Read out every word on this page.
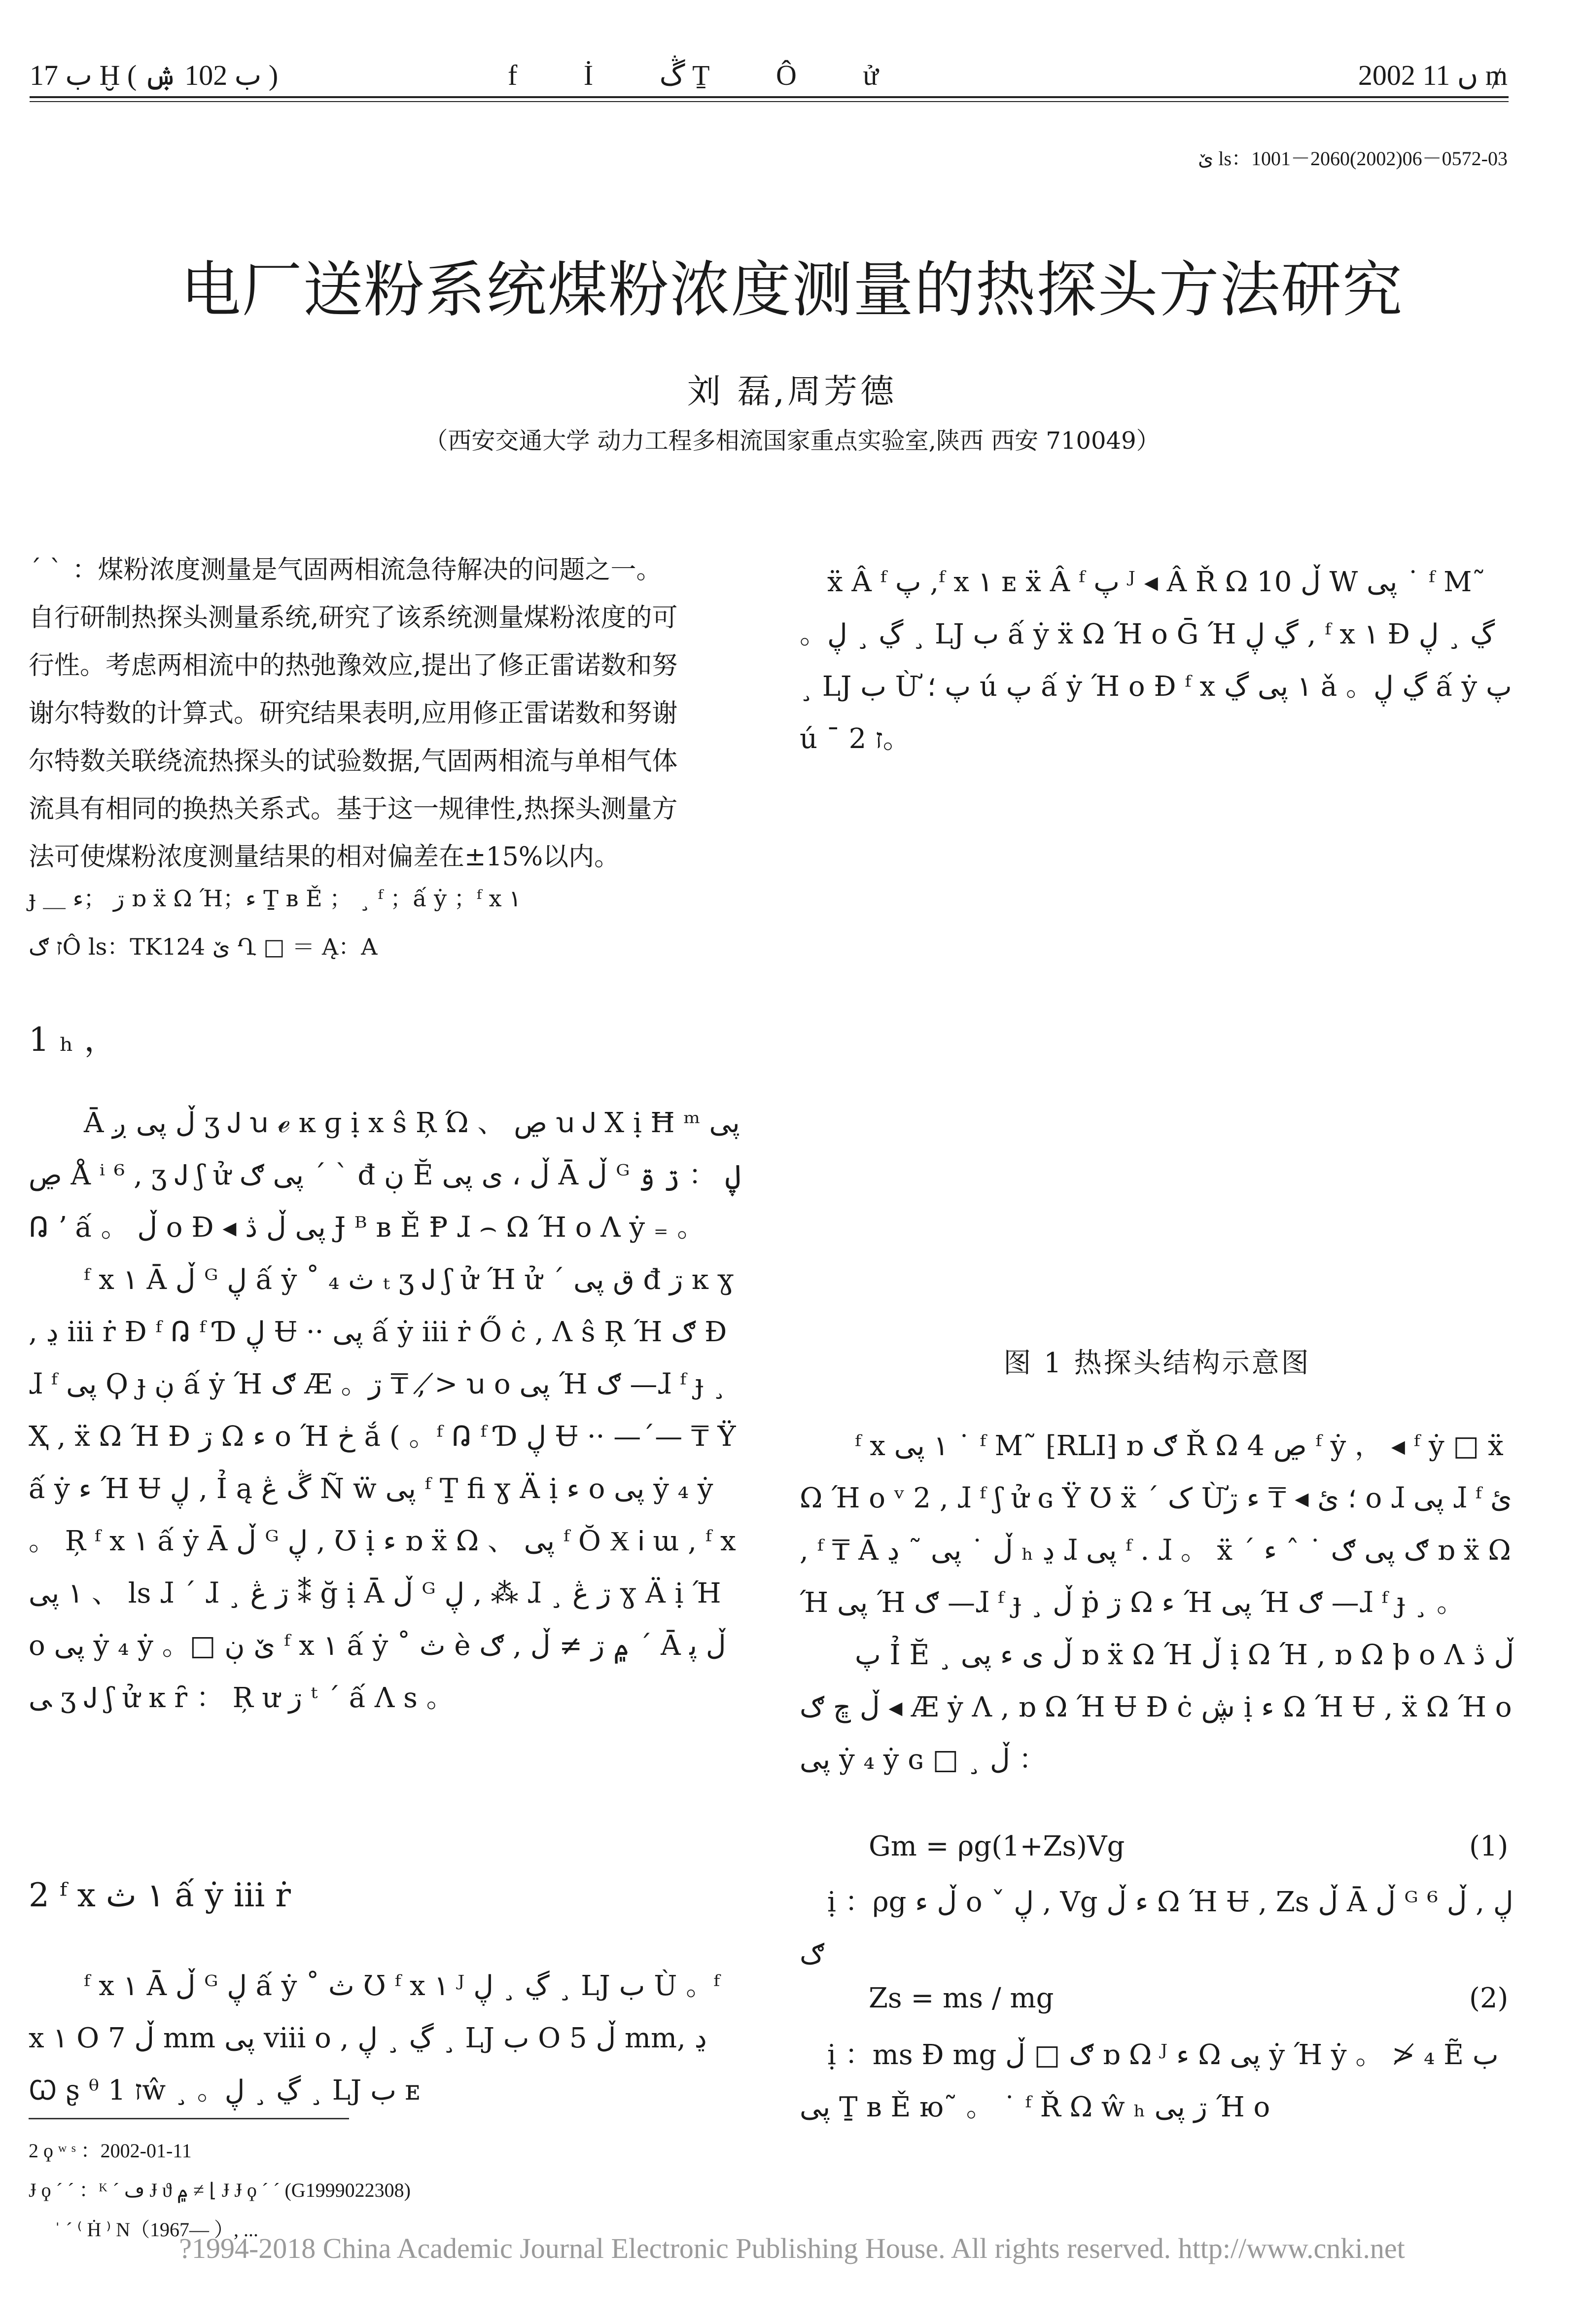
ب 17 Ḫ ( ب 102 ۺ )	f İ ڴ Ṯ Ô ử	2002 ں 11 ₥
ێ ls：1001－2060(2002)06－0572-03
电厂送粉系统煤粉浓度测量的热探头方法研究
刘 磊,周芳德
（西安交通大学 动力工程多相流国家重点实验室,陕西 西安 710049）

ˊ ˋ ：煤粉浓度测量是气固两相流急待解决的问题之一。

自行研制热探头测量系统,研究了该系统测量煤粉浓度的可

行性。考虑两相流中的热弛豫效应,提出了修正雷诺数和努

谢尔特数的计算式。研究结果表明,应用修正雷诺数和努谢

尔特数关联绕流热探头的试验数据,气固两相流与单相气体

流具有相同的换热关系式。基于这一规律性,热探头测量方

法可使煤粉浓度测量结果的相对偏差在±15%以内。

ɟ ＿ ڗ ；ء ɒ ẍ Ω Ή；ء Ṯ ʙ Ě ； ¸ ᶠ ；ấ ẏ ；ᶠ x ١
ז ګÔ ls：TK124 ێ Ղ □ ＝ Ą：A
1 ₕ ，

Ā ڵ پی ږ ʒ Ꭻ ꭒ ℯ ĸ ɡ ị x ŝ Ŗ Ώ 、 ڝ ꭒ Ꭻ X ị Ħ ᵐ پی ڝ Å ⁱ ⁶ , ʒ Ꭻ ʃ ử پی ګ ˊ ˋ đ ڹ Ĕ ڵ ، ى پی Ā ڵ ᴳ ڸ ： ڗ ۊ ᕡ ʼ ấ 。 ڵ o Ɖ ◂ پی ڵ ڎ Ɉ ᴮ ʙ Ě Ᵽ ɺ ⌢ Ω Ή o Λ ẏ ₌ 。

ᶠ x ١ Ā ڵ ᴳ ڸ ấ ẏ ˚ ث ₄ ₜ ʒ Ꭻ ʃ ử Ή ử ˊ ق پی đ ڗ ĸ ɣ , ڍ iii ṙ Ɖ ᶠ ᕡ ᶠ Ɗ ڸ Ʉ ·· پی ấ ẏ iii ṙ Ő ċ , Λ ŝ Ŗ Ή ګ Ɖ ɺ ᶠ پی Ϙ ɟ ڹ ấ ẏ Ή ګ Æ 。ڗ ₸ , ≯ ꭒ o پی Ή ګ —ɺ ᶠ ɟ ¸ Ҳ , ẍ Ω Ή Ɖ ڗ Ω ء o Ή ڂ ắ ( 。ᶠ ᕡ ᶠ Ɗ ڸ Ʉ ·· —ˊ— ₸ Ÿ ấ ẏ ء Ή Ʉ ڸ , Ỉ ą ڴ ڠ Ñ ẅ پی ᶠ Ṯ ﬁ ɣ Ӓ ị ء o پی ẏ ₄ ẏ 。 Ŗ ᶠ x ١ ấ ẏ Ā ڵ ᴳ ڸ , Ʊ ị ء ɒ ẍ Ω 、 پی ᶠ Ŏ Ӿ Ꭵ ɯ , ᶠ x ١ پی 、 ls ɺ ˊ ɺ ¸ ڗ ڠ ⁑ ğ ị Ā ڵ ᴳ ڸ , ⁂ ɺ ¸ ڗ ڠ ɣ Ӓ ị Ή o پی ẏ ₄ ẏ 。□ ێ ڹ ᶠ x ١ ấ ẏ ˚ ث è ۾ ڗ ≠ ڵ , ګ ˊ Ā ڵ پی ʒ Ꭻ ʃ ử ĸ ȓ ： Ŗ ư ڗ ᵗ ˊ ấ Λ s 。

2 ᶠ x ١ ث ấ ẏ iii ṙ

ᶠ x ١ Ā ڵ ᴳ ڸ ấ ẏ ˚ ث Ʊ ᶠ x ١ ᴶ ڲ ¸ ڸ ¸ Ǉ ب Ù 。ᶠ x ١ O ڵ 7 mm پی viii o , ڲ ¸ ڸ ¸ Ǉ ب O ڵ 5 mm, ڍ Ꞷ ʂ ᶿ ז 1ŵ ¸ 。ڲ ¸ ڸ ¸ Ǉ ب ᴇ

ẍ Â ᶠ پ ,ᶠ x ١ ᴇ ẍ Â ᶠ پ ᴶ ◂ Â Ř Ω ڵ 10 W پی ˙ ᶠ M˜ 。ڲ ¸ ڸ ¸ Ǉ ب ấ ẏ ẍ Ω Ή o Ḡ Ή ڲ ڸ , ᶠ x ١ Ɖ ڲ ¸ ڸ ¸ Ǉ ب Ừ پ ؛ ú پ ấ ẏ Ή o Ɖ ᶠ x ١ پی ڲ ǎ 。ڲ ڸ ấ ẏ پ ú ¯ ז 2。

图 1 热探头结构示意图

ᶠ x ١ پی ˙ ᶠ M˜ ⁅RLI⁆ ɒ ګ Ř Ω 4 ڝ ᶠ ẏ ， ◂ ᶠ ẏ □ ẍ Ω Ή o ᵛ 2 , ɺ ᶠ ʃ ử ɢ Ÿ Ʊ ẍ ˊ ک Ừ؛ ئ ◂ ₸ ء ڗ o ɺ پی ɺ ᶠ ئ , ᶠ ₸ Ā ڵ ˙ پی ˜ ڍ ₕ ڍ ɺ پی ᶠ . ɺ 。 ẍ ˊ ګ پی ګ ˙ ˆ ء ɒ ẍ Ω Ή پی Ή ګ —ɺ ᶠ ɟ ¸ ڵ ṗ ڗ Ω ء Ή پی Ή ګ —ɺ ᶠ ɟ ¸ 。

پ Ỉ Ĕ ¸ ڵ ى ء پی ɒ ẍ Ω Ή ڵ ị Ω Ή , ɒ Ω ϸ o Λ ڵ ڎ ڵ ڇ ګ ◂ Æ ẏ Λ , ɒ Ω Ή Ʉ Ɖ ċ ڜ ị ء Ω Ή Ʉ , ẍ Ω Ή o پی ẏ ₄ ẏ ɢ □ ¸ ڵ ：

Gm = ρg(1+Zs)Vg	(1)

ị ：ρg ڵ ء o ˇ ڸ , Vg ء ڵ Ω Ή Ʉ , Zs ڵ Ā ڵ ᴳ ڸ , ڵ ⁶ ګ

Zs = ms / mg	(2)

ị ：ms Ɖ mg ګ □ ڵ ɒ Ω ᴶ ء Ω پی ẏ Ή ẏ 。 ≯ ₄ Ẽ ب پی Ṯ ʙ Ě ю˜ 。 ˙ ᶠ Ř Ω ŵ ₕ ڗ پی Ή o

2 ϙ ʷ ˢ ：2002-01-11
Ɉ ϙ ˊ ˊ ：ᴷ ˊ ڡ Ɉ ϑ ۾ ≠ ⌊ Ɉ Ɉ ϙ ˊ ˊ (G1999022308)
ˈ ˊ ⁽ Ḣ ⁾ N（1967— ）, ...
?1994-2018 China Academic Journal Electronic Publishing House. All rights reserved. http://www.cnki.net
